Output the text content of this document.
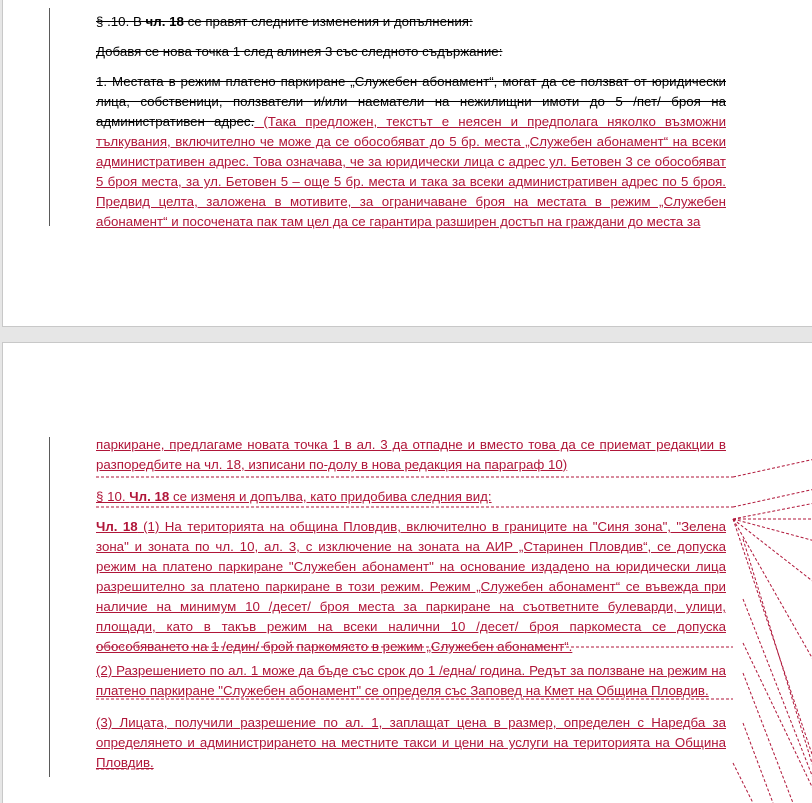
§ .10. В чл. 18 се правят следните изменения и допълнения:

Добавя се нова точка 1 след алинея 3 със следното съдържание:

1. Местата в режим платено паркиране „Служебен абонамент“, могат да се ползват от юридически лица, собственици, ползватели и/или наематели на нежилищни имоти до 5 /пет/ броя на административен адрес. (Така предложен, текстът е неясен и предполага няколко възможни тълкувания, включително че може да се обособяват до 5 бр. места „Служебен абонамент“ на всеки административен адрес. Това означава, че за юридически лица с адрес ул. Бетовен 3 се обособяват 5 броя места, за ул. Бетовен 5 – още 5 бр. места и така за всеки административен адрес по 5 броя. Предвид целта, заложена в мотивите, за ограничаване броя на местата в режим „Служебен абонамент“ и посочената пак там цел да се гарантира разширен достъп на граждани до места за

паркиране, предлагаме новата точка 1 в ал. 3 да отпадне и вместо това да се приемат редакции в разпоредбите на чл. 18, изписани по-долу в нова редакция на параграф 10)

§ 10. Чл. 18 се изменя и допълва, като придобива следния вид:

Чл. 18 (1) На територията на община Пловдив, включително в границите на "Синя зона", "Зелена зона" и зоната по чл. 10, ал. 3, с изключение на зоната на АИР „Старинен Пловдив“, се допуска режим на платено паркиране "Служебен абонамент" на основание издадено на юридически лица разрешително за платено паркиране в този режим. Режим „Служебен абонамент“ се въвежда при наличие на минимум 10 /десет/ броя места за паркиране на съответните булеварди, улици, площади, като в такъв режим на всеки налични 10 /десет/ броя паркоместа се допуска обособяването на 1 /един/ брой паркомясто в режим „Служебен абонамент“.

(2) Разрешението по ал. 1 може да бъде със срок до 1 /една/ година. Редът за ползване на режим на платено паркиране "Служебен абонамент" се определя със Заповед на Кмет на Община Пловдив.

(3) Лицата, получили разрешение по ал. 1, заплащат цена в размер, определен с Наредба за определянето и администрирането на местните такси и цени на услуги на територията на Община Пловдив.
